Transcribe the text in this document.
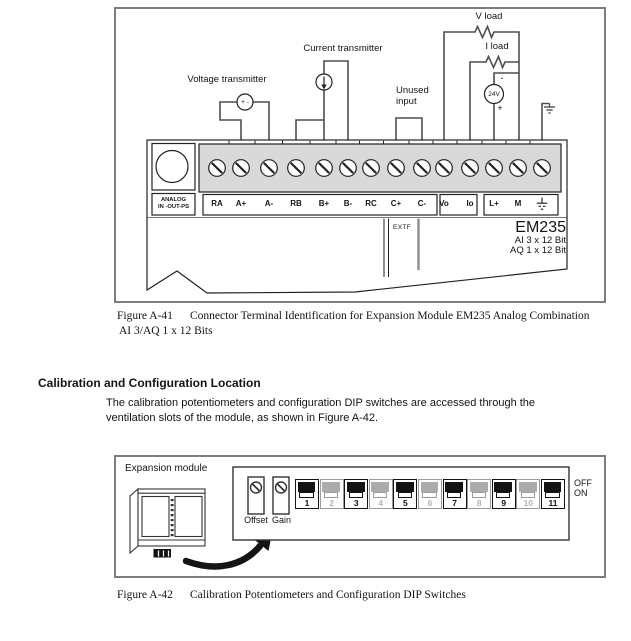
Voltage transmitter
Current transmitter
+ -
Unused
input
V load
I load
24V
-
+
ANALOG
IN -OUT-PS
EXTF	EM235
AI 3 x 12 Bit
AQ 1 x 12 Bit
RA A+ A- RB B+ B- RC C+ C- Vo Io L+ M
Figure A-41 Connector Terminal Identification for Expansion Module EM235 Analog Combination
AI 3/AQ 1 x 12 Bits
Calibration and Configuration Location
The calibration potentiometers and configuration DIP switches are accessed through the
ventilation slots of the module, as shown in Figure A-42.
Expansion module
Offset Gain
OFF
ON
1	2	3	4	5	6	7	8	9	10	11
Figure A-42 Calibration Potentiometers and Configuration DIP Switches
